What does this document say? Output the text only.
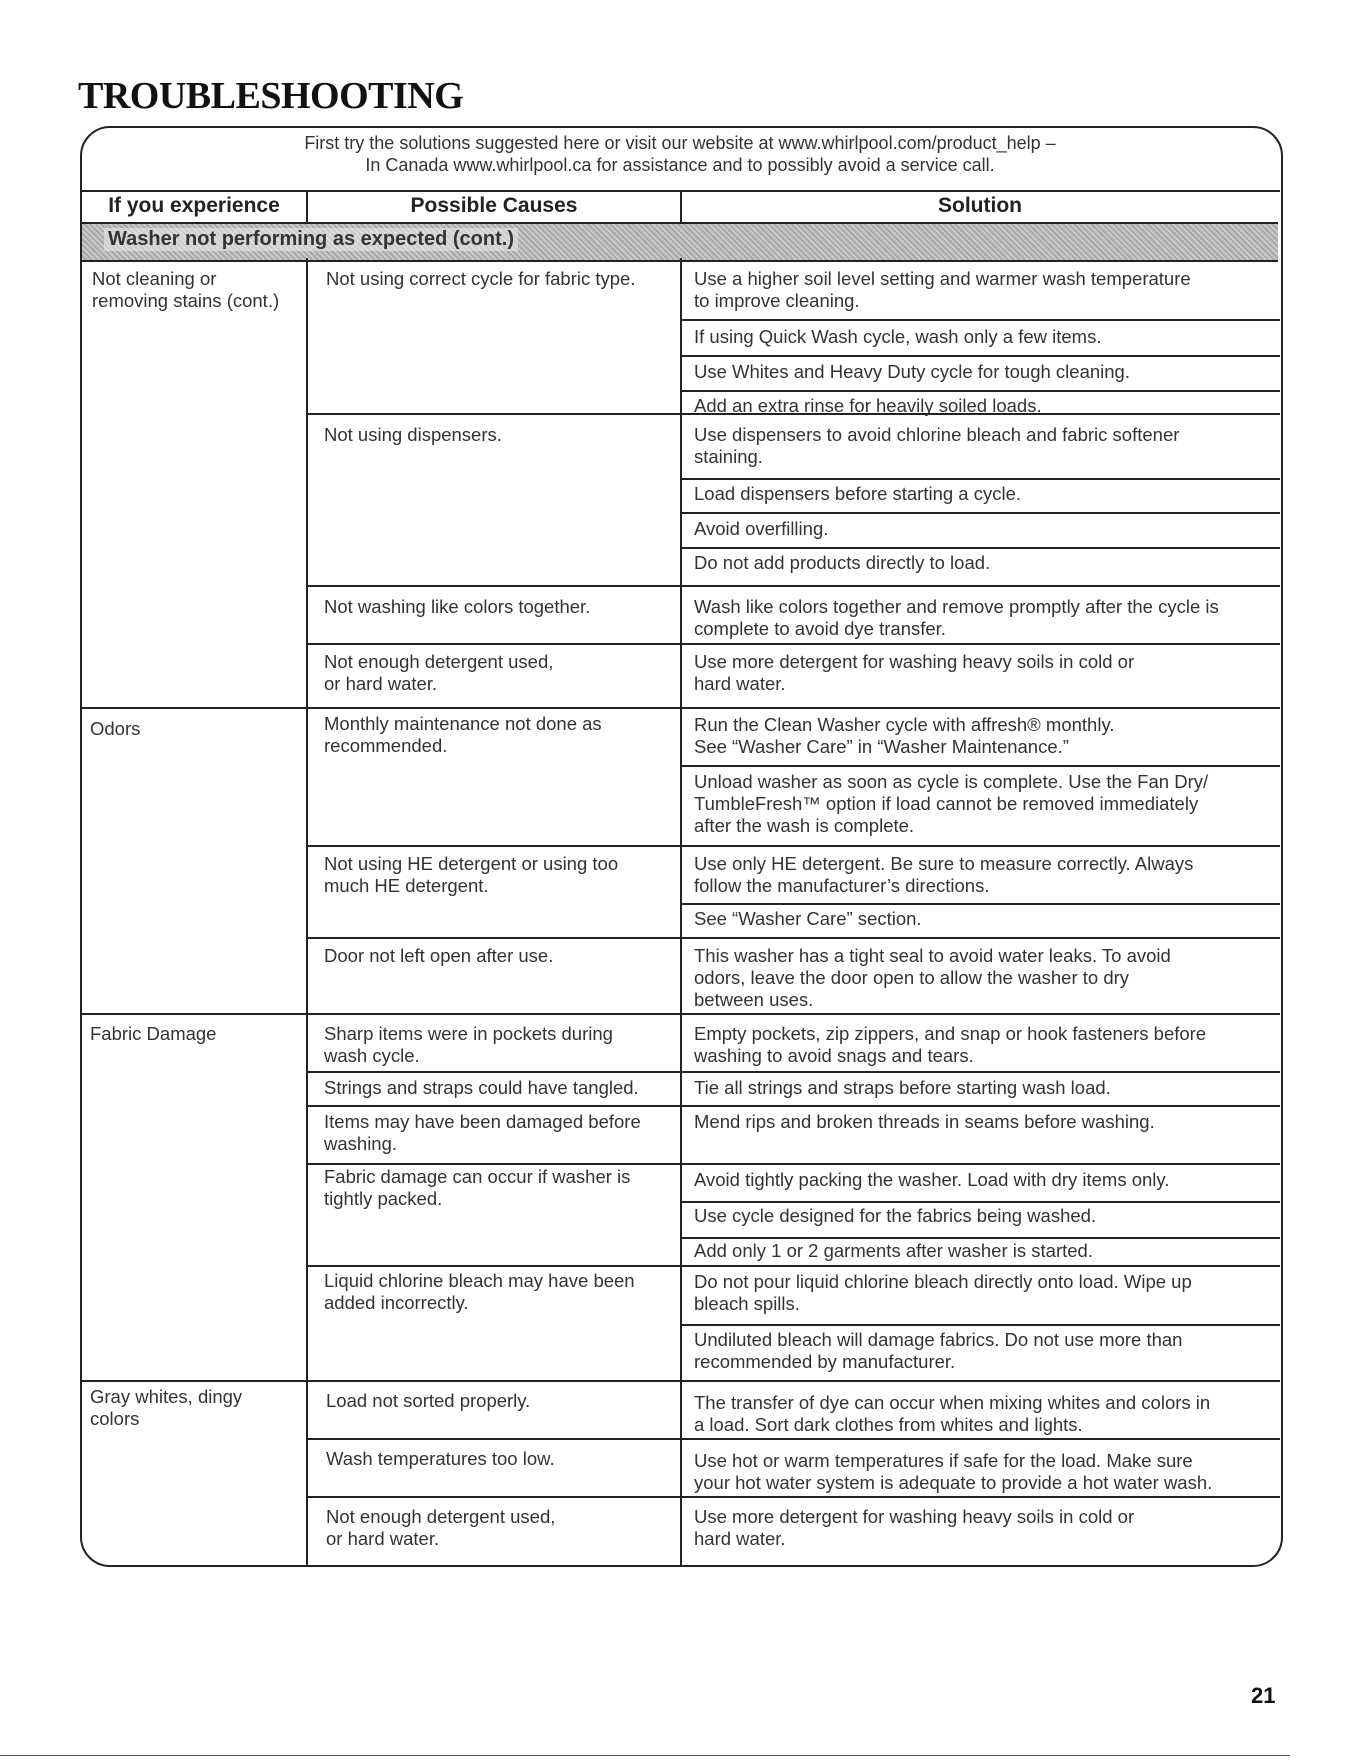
TROUBLESHOOTING
First try the solutions suggested here or visit our website at www.whirlpool.com/product_help –
In Canada www.whirlpool.ca for assistance and to possibly avoid a service call.
If you experience	Possible Causes	Solution
Washer not performing as expected (cont.)
Not cleaning or
removing stains (cont.)
Odors
Fabric Damage
Gray whites, dingy
colors
Not using correct cycle for fabric type.
Not using dispensers.
Not washing like colors together.
Not enough detergent used,
or hard water.
Monthly maintenance not done as
recommended.
Not using HE detergent or using too
much HE detergent.
Door not left open after use.
Sharp items were in pockets during
wash cycle.
Strings and straps could have tangled.
Items may have been damaged before
washing.
Fabric damage can occur if washer is
tightly packed.
Liquid chlorine bleach may have been
added incorrectly.
Load not sorted properly.
Wash temperatures too low.
Not enough detergent used,
or hard water.
Use a higher soil level setting and warmer wash temperature
to improve cleaning.
If using Quick Wash cycle, wash only a few items.
Use Whites and Heavy Duty cycle for tough cleaning.
Add an extra rinse for heavily soiled loads.
Use dispensers to avoid chlorine bleach and fabric softener
staining.
Load dispensers before starting a cycle.
Avoid overfilling.
Do not add products directly to load.
Wash like colors together and remove promptly after the cycle is
complete to avoid dye transfer.
Use more detergent for washing heavy soils in cold or
hard water.
Run the Clean Washer cycle with affresh® monthly.
See “Washer Care” in “Washer Maintenance.”
Unload washer as soon as cycle is complete. Use the Fan Dry/
TumbleFresh™ option if load cannot be removed immediately
after the wash is complete.
Use only HE detergent. Be sure to measure correctly. Always
follow the manufacturer’s directions.
See “Washer Care” section.
This washer has a tight seal to avoid water leaks. To avoid
odors, leave the door open to allow the washer to dry
between uses.
Empty pockets, zip zippers, and snap or hook fasteners before
washing to avoid snags and tears.
Tie all strings and straps before starting wash load.
Mend rips and broken threads in seams before washing.
Avoid tightly packing the washer. Load with dry items only.
Use cycle designed for the fabrics being washed.
Add only 1 or 2 garments after washer is started.
Do not pour liquid chlorine bleach directly onto load. Wipe up
bleach spills.
Undiluted bleach will damage fabrics. Do not use more than
recommended by manufacturer.
The transfer of dye can occur when mixing whites and colors in
a load. Sort dark clothes from whites and lights.
Use hot or warm temperatures if safe for the load. Make sure
your hot water system is adequate to provide a hot water wash.
Use more detergent for washing heavy soils in cold or
hard water.
21
